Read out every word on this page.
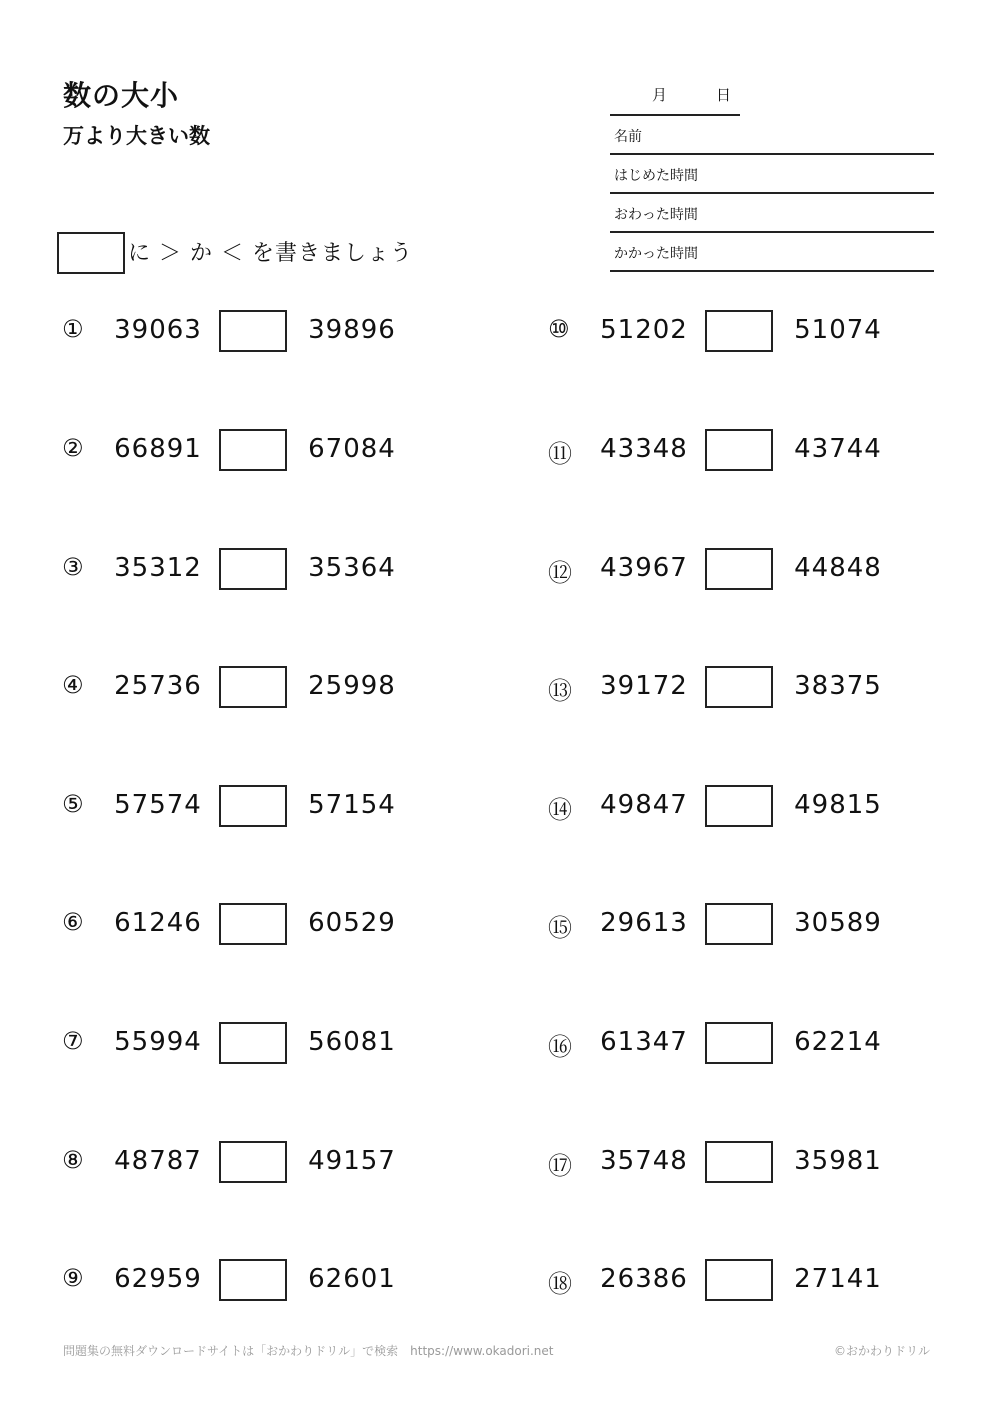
数の大小
万より大きい数
月	日
名前
はじめた時間
おわった時間
かかった時間
に ＞ か ＜ を書きましょう
①	39063	39896
②	66891	67084
③	35312	35364
④	25736	25998
⑤	57574	57154
⑥	61246	60529
⑦	55994	56081
⑧	48787	49157
⑨	62959	62601
⑩	51202	51074
⑪	43348	43744
⑫	43967	44848
⑬	39172	38375
⑭	49847	49815
⑮	29613	30589
⑯	61347	62214
⑰	35748	35981
⑱	26386	27141
問題集の無料ダウンロードサイトは「おかわりドリル」で検索　https://www.okadori.net	©おかわりドリル
